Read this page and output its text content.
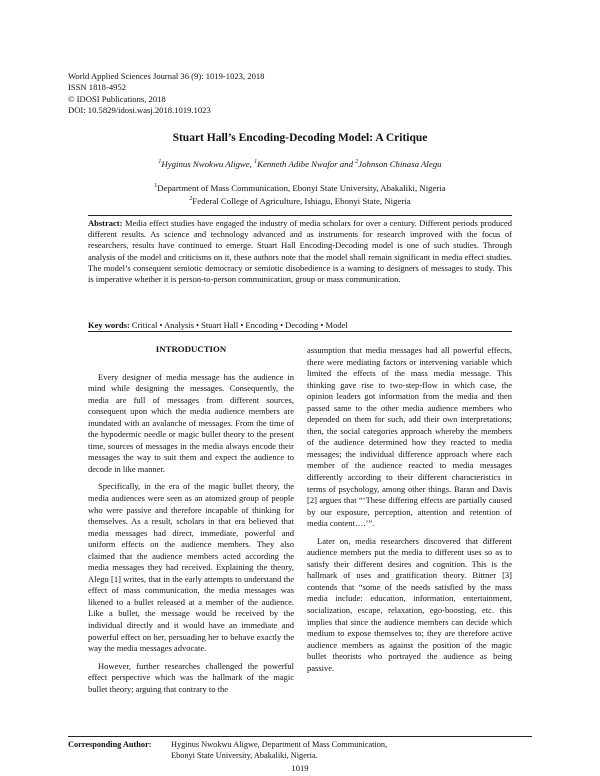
World Applied Sciences Journal 36 (9): 1019-1023, 2018
ISSN 1818-4952
© IDOSI Publications, 2018
DOI: 10.5829/idosi.wasj.2018.1019.1023
Stuart Hall’s Encoding-Decoding Model: A Critique
$^1$Hyginus Nwokwu Aligwe, $^1$Kenneth Adibe Nwafor and $^2$Johnson Chinasa Alegu
$^1$Department of Mass Communication, Ebonyi State University, Abakaliki, Nigeria
$^2$Federal College of Agriculture, Ishiagu, Ebonyi State, Nigeria
Abstract: Media effect studies have engaged the industry of media scholars for over a century. Different periods produced different results. As science and technology advanced and as instruments for research improved with the focus of researchers, results have continued to emerge. Stuart Hall Encoding-Decoding model is one of such studies. Through analysis of the model and criticisms on it, these authors note that the model shall remain significant in media effect studies. The model’s consequent semiotic democracy or semiotic disobedience is a warning to designers of messages to study. This is imperative whether it is person-to-person communication, group or mass communication.
Key words: Critical • Analysis • Stuart Hall • Encoding • Decoding • Model
INTRODUCTION

Every designer of media message has the audience in mind while designing the messages. Consequently, the media are full of messages from different sources, consequent upon which the media audience members are inundated with an avalanche of messages. From the time of the hypodermic needle or magic bullet theory to the present time, sources of messages in the media always encode their messages the way to suit them and expect the audience to decode in like manner.

Specifically, in the era of the magic bullet theory, the media audiences were seen as an atomized group of people who were passive and therefore incapable of thinking for themselves. As a result, scholars in that era believed that media messages had direct, immediate, powerful and uniform effects on the audience members. They also claimed that the audience members acted according the media messages they had received. Explaining the theory, Alegu [1] writes, that in the early attempts to understand the effect of mass communication, the media messages was likened to a bullet released at a member of the audience. Like a bullet, the message would be received by the individual directly and it would have an immediate and powerful effect on her, persuading her to behave exactly the way the media messages advocate.

However, further researches challenged the powerful effect perspective which was the hallmark of the magic bullet theory; arguing that contrary to the

assumption that media messages had all powerful effects, there were mediating factors or intervening variable which limited the effects of the mass media message. This thinking gave rise to two-step-flow in which case, the opinion leaders got information from the media and then passed same to the other media audience members who depended on them for such, add their own interpretations; then, the social categories approach whereby the members of the audience determined how they reacted to media messages; the individual difference approach where each member of the audience reacted to media messages differently according to their different characteristics in terms of psychology, among other things. Baran and Davis [2] argues that “‘These differing effects are partially caused by our exposure, perception, attention and retention of media content….’”.

Later on, media researchers discovered that different audience members put the media to different uses so as to satisfy their different desires and cognition. This is the hallmark of uses and gratification theory. Bittner [3] contends that “some of the needs satisfied by the mass media include: education, information, entertainment, socialization, escape, relaxation, ego-boosting, etc. this implies that since the audience members can decide which medium to expose themselves to; they are therefore active audience members as against the position of the magic bullet theorists who portrayed the audience as being passive.

Corresponding Author: Hyginus Nwokwu Aligwe, Department of Mass Communication,
Ebonyi State University, Abakaliki, Nigeria.
1019
